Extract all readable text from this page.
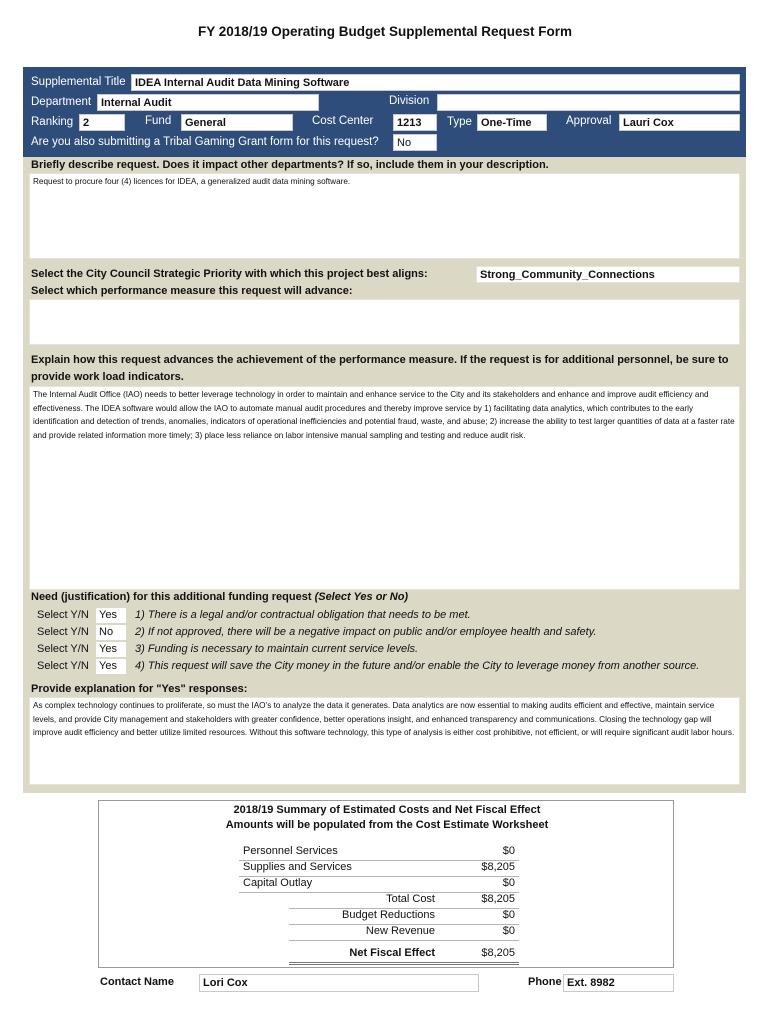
FY 2018/19 Operating Budget Supplemental Request Form
Supplemental Title IDEA Internal Audit Data Mining Software
Department Internal Audit	Division
Ranking 2	Fund	General	Cost Center	1213	Type One-Time	Approval	Lauri Cox
Are you also submitting a Tribal Gaming Grant form for this request?	No
Briefly describe request. Does it impact other departments? If so, include them in your description.
Request to procure four (4) licences for IDEA, a generalized audit data mining software.
Select the City Council Strategic Priority with which this project best aligns:	Strong_Community_Connections
Select which performance measure this request will advance:
Explain how this request advances the achievement of the performance measure. If the request is for additional personnel, be sure to
provide work load indicators.
The Internal Audit Office (IAO) needs to better leverage technology in order to maintain and enhance service to the City and its stakeholders and enhance and improve audit efficiency and effectiveness. The IDEA software would allow the IAO to automate manual audit procedures and thereby improve service by 1) facilitating data analytics, which contributes to the early identification and detection of trends, anomalies, indicators of operational inefficiencies and potential fraud, waste, and abuse; 2) increase the ability to test larger quantities of data at a faster rate and provide related information more timely; 3) place less reliance on labor intensive manual sampling and testing and reduce audit risk.
Need (justification) for this additional funding request (Select Yes or No)
Select Y/N Yes	1) There is a legal and/or contractual obligation that needs to be met.
Select Y/N No	2) If not approved, there will be a negative impact on public and/or employee health and safety.
Select Y/N Yes	3) Funding is necessary to maintain current service levels.
Select Y/N Yes	4) This request will save the City money in the future and/or enable the City to leverage money from another source.
Provide explanation for "Yes" responses:
As complex technology continues to proliferate, so must the IAO’s to analyze the data it generates. Data analytics are now essential to making audits efficient and effective, maintain service levels, and provide City management and stakeholders with greater confidence, better operations insight, and enhanced transparency and communications. Closing the technology gap will improve audit efficiency and better utilize limited resources. Without this software technology, this type of analysis is either cost prohibitive, not efficient, or will require significant audit labor hours.
2018/19 Summary of Estimated Costs and Net Fiscal Effect
Amounts will be populated from the Cost Estimate Worksheet
Personnel Services	$0
Supplies and Services	$8,205
Capital Outlay	$0
Total Cost	$8,205
Budget Reductions	$0
New Revenue	$0
Net Fiscal Effect	$8,205
Contact Name	Lori Cox	Phone Ext. 8982
